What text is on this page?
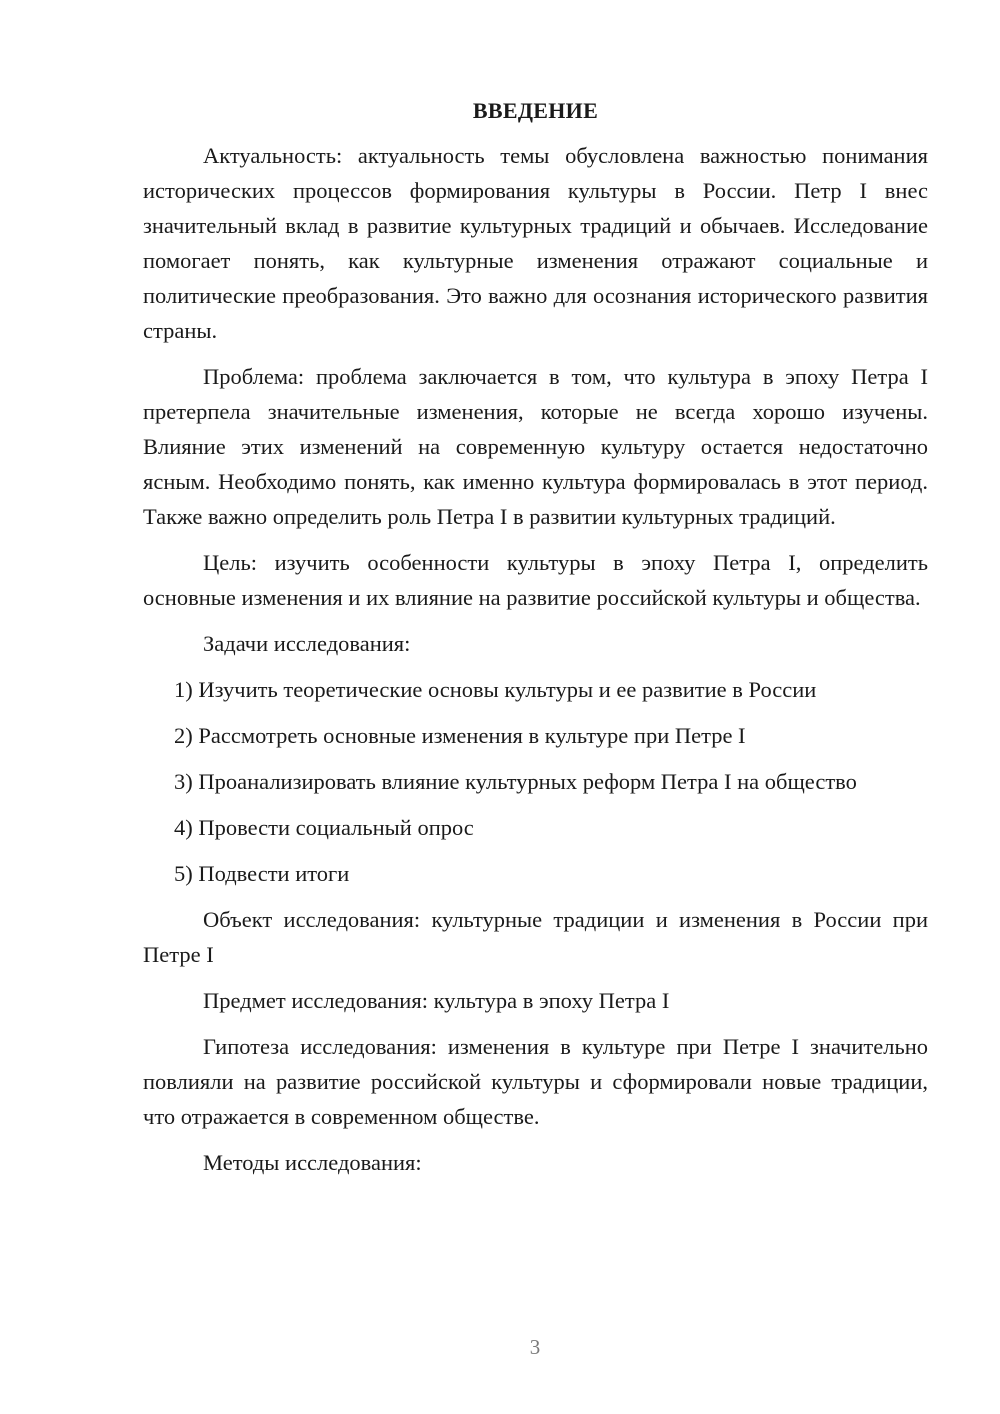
ВВЕДЕНИЕ

Актуальность: актуальность темы обусловлена важностью понимания исторических процессов формирования культуры в России. Петр I внес значительный вклад в развитие культурных традиций и обычаев. Исследование помогает понять, как культурные изменения отражают социальные и политические преобразования. Это важно для осознания исторического развития страны.

Проблема: проблема заключается в том, что культура в эпоху Петра I претерпела значительные изменения, которые не всегда хорошо изучены. Влияние этих изменений на современную культуру остается недостаточно ясным. Необходимо понять, как именно культура формировалась в этот период. Также важно определить роль Петра I в развитии культурных традиций.

Цель: изучить особенности культуры в эпоху Петра I, определить основные изменения и их влияние на развитие российской культуры и общества.

Задачи исследования:

1) Изучить теоретические основы культуры и ее развитие в России

2) Рассмотреть основные изменения в культуре при Петре I

3) Проанализировать влияние культурных реформ Петра I на общество

4) Провести социальный опрос

5) Подвести итоги

Объект исследования: культурные традиции и изменения в России при Петре I

Предмет исследования: культура в эпоху Петра I

Гипотеза исследования: изменения в культуре при Петре I значительно повлияли на развитие российской культуры и сформировали новые традиции, что отражается в современном обществе.

Методы исследования:

3
